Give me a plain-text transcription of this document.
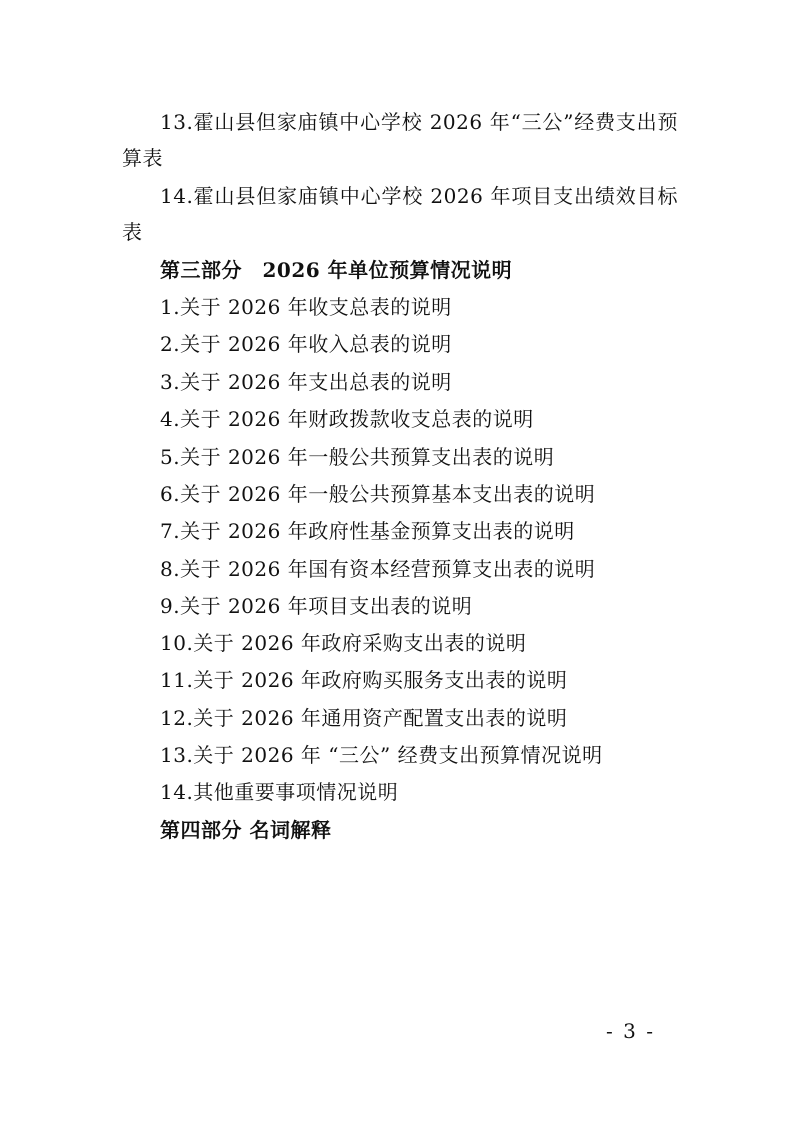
13.霍山县但家庙镇中心学校 2026 年“三公”经费支出预算表
14.霍山县但家庙镇中心学校 2026 年项目支出绩效目标表
第三部分　2026 年单位预算情况说明
1.关于 2026 年收支总表的说明
2.关于 2026 年收入总表的说明
3.关于 2026 年支出总表的说明
4.关于 2026 年财政拨款收支总表的说明
5.关于 2026 年一般公共预算支出表的说明
6.关于 2026 年一般公共预算基本支出表的说明
7.关于 2026 年政府性基金预算支出表的说明
8.关于 2026 年国有资本经营预算支出表的说明
9.关于 2026 年项目支出表的说明
10.关于 2026 年政府采购支出表的说明
11.关于 2026 年政府购买服务支出表的说明
12.关于 2026 年通用资产配置支出表的说明
13.关于 2026 年 “三公” 经费支出预算情况说明
14.其他重要事项情况说明
第四部分 名词解释
- 3 -
